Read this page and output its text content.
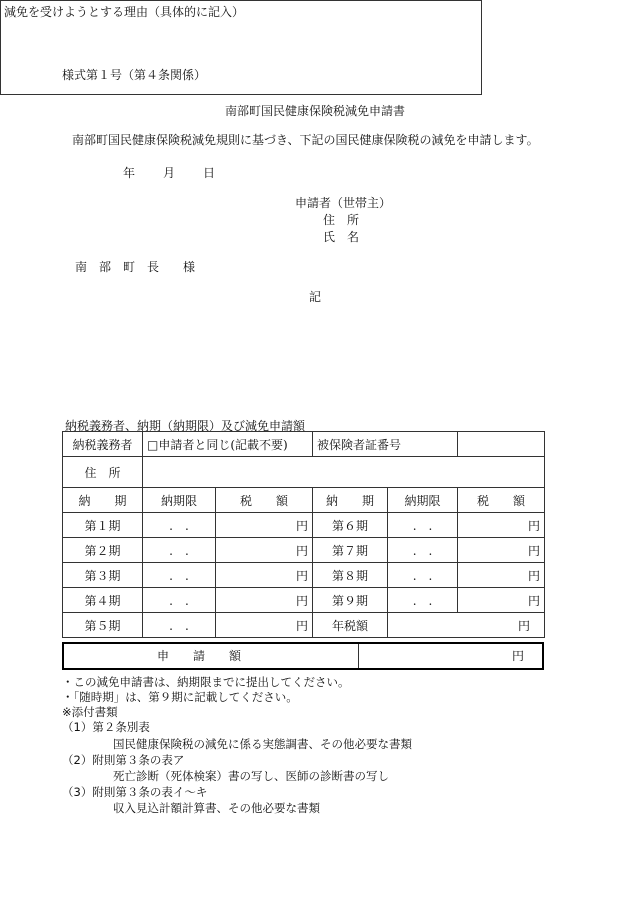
様式第１号（第４条関係）
南部町国民健康保険税減免申請書
南部町国民健康保険税減免規則に基づき、下記の国民健康保険税の減免を申請します。
年 月 日
申請者（世帯主）
住　所
氏　名
南　部　町　長　　様
記
減免を受けようとする理由（具体的に記入）
納税義務者、納期（納期限）及び減免申請額
納税義務者	□申請者と同じ(記載不要)		被保険者証番号		
住　所					
納　　期	納期限	税　　額	納　　期	納期限	税　　額
第１期	.　.	円	第６期	.　.	円
第２期	.　.	円	第７期	.　.	円
第３期	.　.	円	第８期	.　.	円
第４期	.　.	円	第９期	.　.	円
第５期	.　.	円	年税額	円	
申請額	円
・この減免申請書は、納期限までに提出してください。
・「随時期」は、第９期に記載してください。
※添付書類
（1）第２条別表
国民健康保険税の減免に係る実態調書、その他必要な書類
（2）附則第３条の表ア
死亡診断（死体検案）書の写し、医師の診断書の写し
（3）附則第３条の表イ〜キ
収入見込計額計算書、その他必要な書類
